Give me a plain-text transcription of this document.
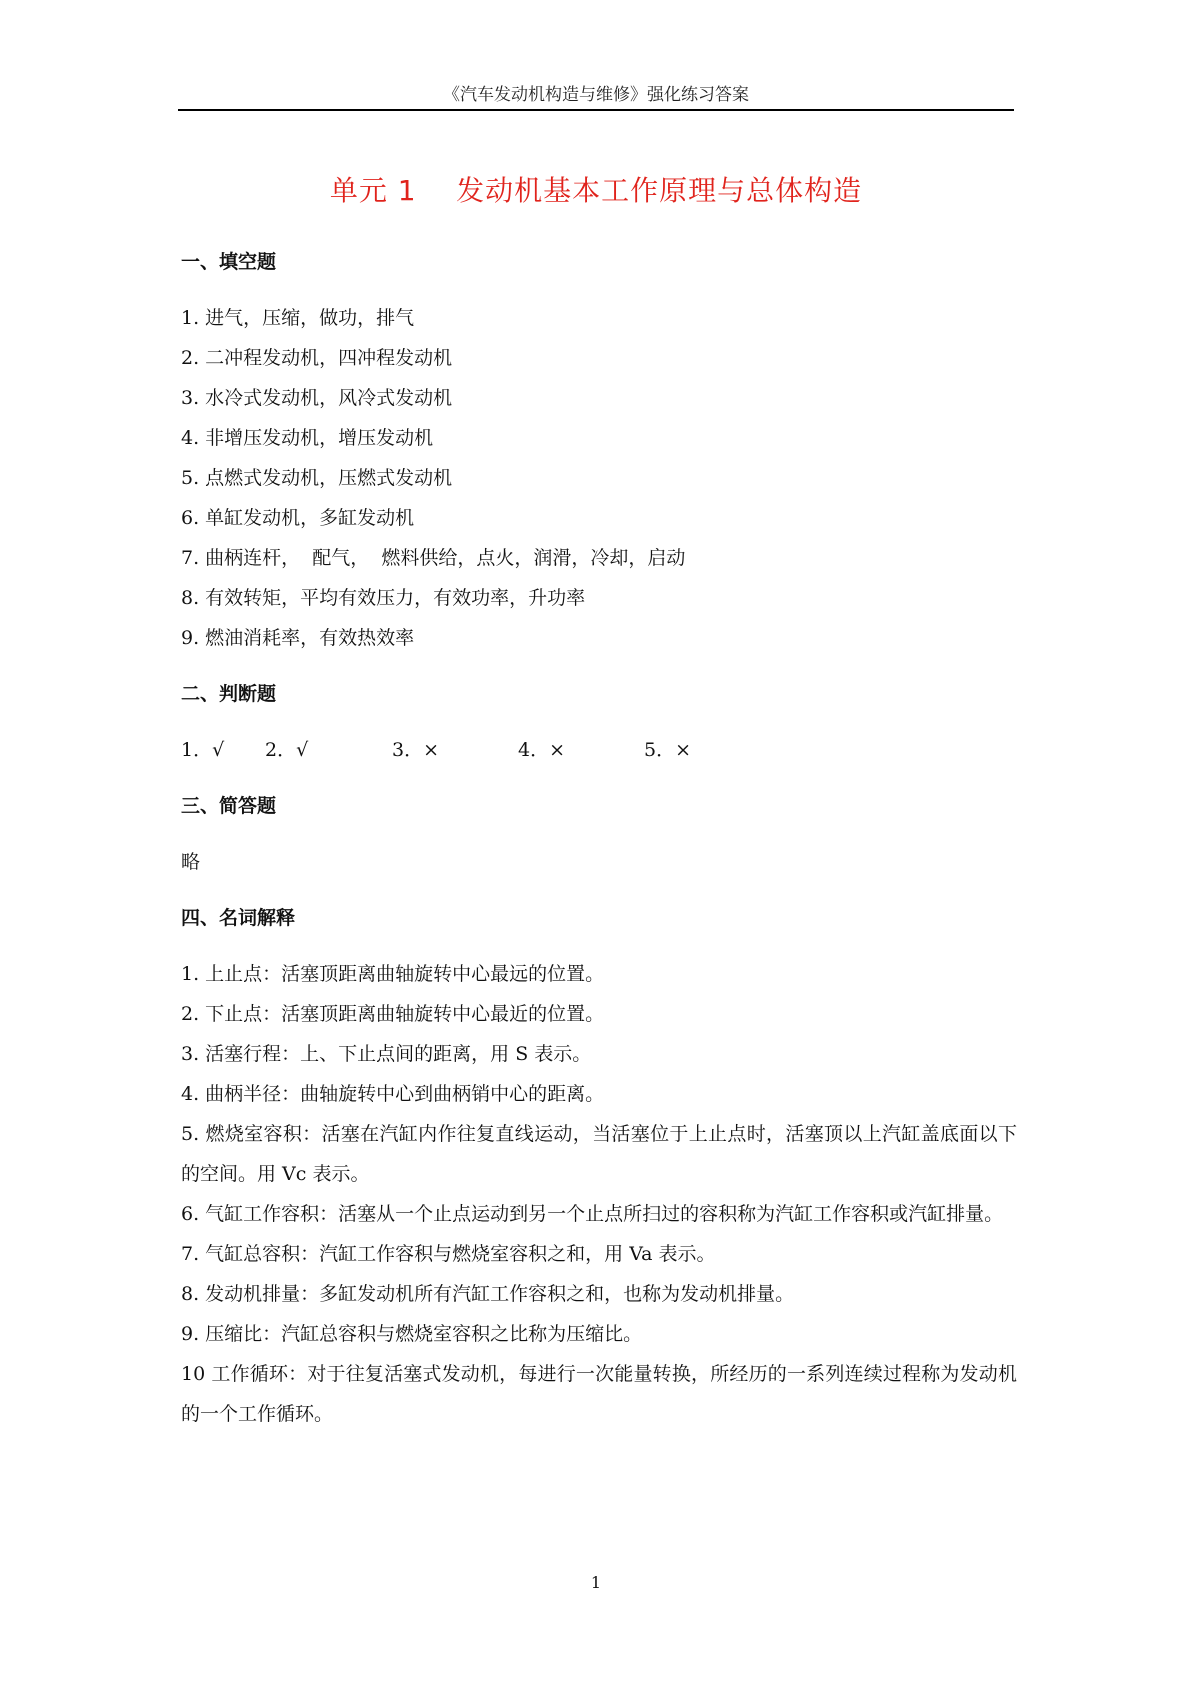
《汽车发动机构造与维修》强化练习答案
单元 1    发动机基本工作原理与总体构造
一、填空题
1. 进气，压缩，做功，排气
2. 二冲程发动机，四冲程发动机
3. 水冷式发动机，风冷式发动机
4. 非增压发动机，增压发动机
5. 点燃式发动机，压燃式发动机
6. 单缸发动机，多缸发动机
7. 曲柄连杆，  配气，  燃料供给，点火，润滑，冷却，启动
8. 有效转矩，平均有效压力，有效功率，升功率
9. 燃油消耗率，有效热效率
二、判断题
1．√ 2．√	3．×	4．×	5．×
三、简答题
略
四、名词解释
1. 上止点：活塞顶距离曲轴旋转中心最远的位置。
2. 下止点：活塞顶距离曲轴旋转中心最近的位置。
3. 活塞行程：上、下止点间的距离，用 S 表示。
4. 曲柄半径：曲轴旋转中心到曲柄销中心的距离。
5. 燃烧室容积：活塞在汽缸内作往复直线运动，当活塞位于上止点时，活塞顶以上汽缸盖底面以下的空间。用 Vc 表示。
6. 气缸工作容积：活塞从一个止点运动到另一个止点所扫过的容积称为汽缸工作容积或汽缸排量。
7. 气缸总容积：汽缸工作容积与燃烧室容积之和，用 Va 表示。
8. 发动机排量：多缸发动机所有汽缸工作容积之和，也称为发动机排量。
9. 压缩比：汽缸总容积与燃烧室容积之比称为压缩比。
10 工作循环：对于往复活塞式发动机，每进行一次能量转换，所经历的一系列连续过程称为发动机的一个工作循环。
1
